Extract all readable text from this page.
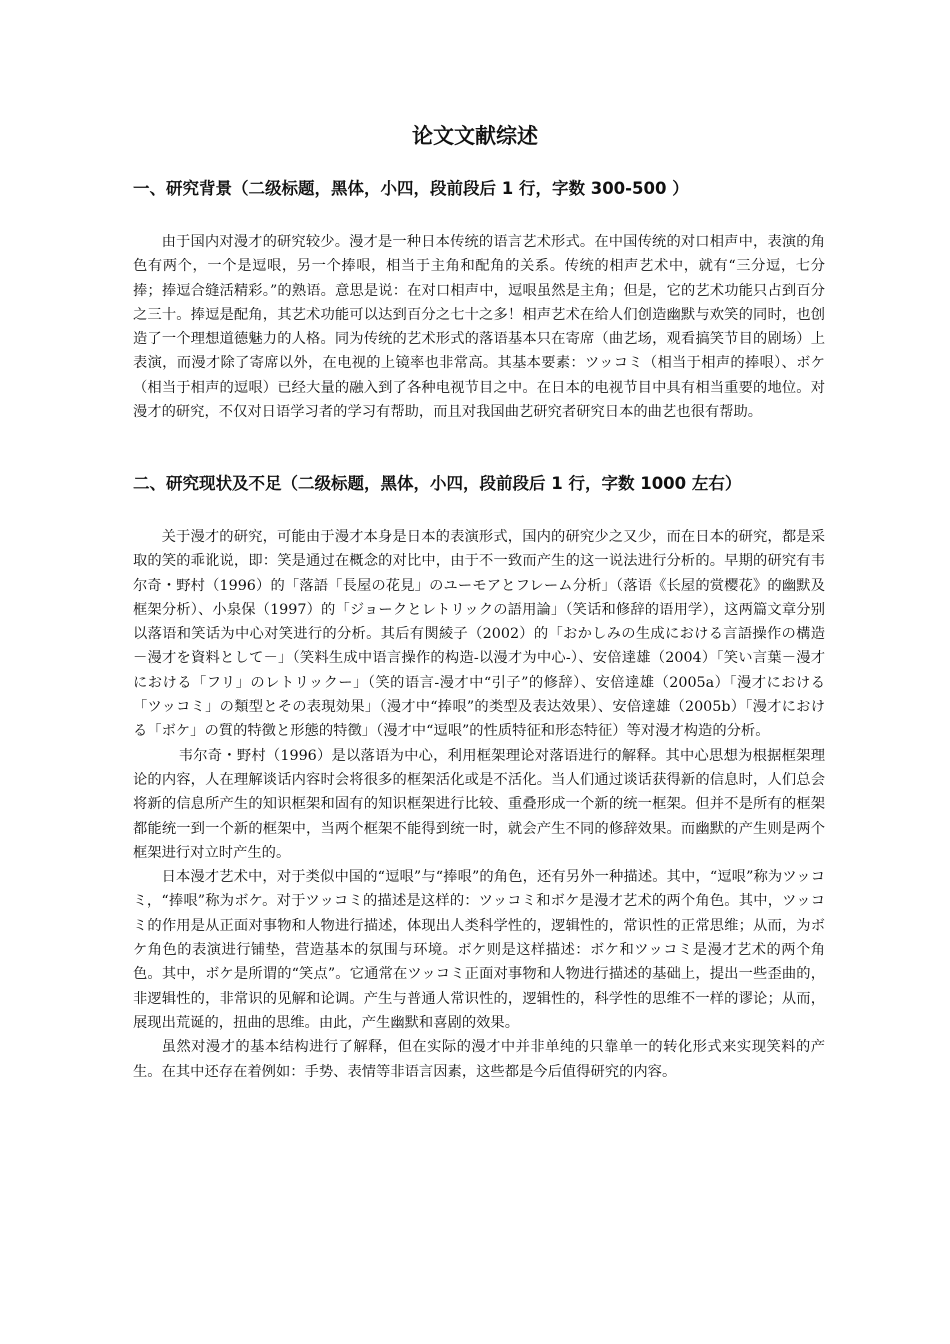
论文文献综述
一、研究背景（二级标题，黑体，小四，段前段后 1 行，字数 300-500 ）

由于国内对漫才的研究较少。漫才是一种日本传统的语言艺术形式。在中国传统的对口相声中，表演的角色有两个，一个是逗哏，另一个捧哏，相当于主角和配角的关系。传统的相声艺术中，就有“三分逗，七分捧；捧逗合缝活精彩。”的熟语。意思是说：在对口相声中，逗哏虽然是主角；但是，它的艺术功能只占到百分之三十。捧逗是配角，其艺术功能可以达到百分之七十之多！相声艺术在给人们创造幽默与欢笑的同时，也创造了一个理想道德魅力的人格。同为传统的艺术形式的落语基本只在寄席（曲艺场，观看搞笑节目的剧场）上表演，而漫才除了寄席以外，在电视的上镜率也非常高。其基本要素：ツッコミ（相当于相声的捧哏）、ボケ（相当于相声的逗哏）已经大量的融入到了各种电视节目之中。在日本的电视节目中具有相当重要的地位。对漫才的研究，不仅对日语学习者的学习有帮助，而且对我国曲艺研究者研究日本的曲艺也很有帮助。

二、研究现状及不足（二级标题，黑体，小四，段前段后 1 行，字数 1000 左右）

关于漫才的研究，可能由于漫才本身是日本的表演形式，国内的研究少之又少，而在日本的研究，都是采取的笑的乖讹说，即：笑是通过在概念的对比中，由于不一致而产生的这一说法进行分析的。早期的研究有韦尔奇・野村（1996）的「落語「長屋の花見」のユーモアとフレーム分析」（落语《长屋的赏樱花》的幽默及框架分析）、小泉保（1997）的「ジョークとレトリックの語用論」（笑话和修辞的语用学），这两篇文章分别以落语和笑话为中心对笑进行的分析。其后有関綾子（2002）的「おかしみの生成における言語操作の構造－漫才を資料として－」（笑料生成中语言操作的构造-以漫才为中心-）、安倍達雄（2004）「笑い言葉－漫才における「フリ」のレトリックー」（笑的语言-漫才中“引子”的修辞）、安倍達雄（2005a）「漫才における「ツッコミ」の類型とその表現効果」（漫才中“捧哏”的类型及表达效果）、安倍達雄（2005b）「漫才における「ボケ」の質的特徴と形態的特徴」（漫才中“逗哏”的性质特征和形态特征）等对漫才构造的分析。

韦尔奇・野村（1996）是以落语为中心，利用框架理论对落语进行的解释。其中心思想为根据框架理论的内容，人在理解谈话内容时会将很多的框架活化或是不活化。当人们通过谈话获得新的信息时，人们总会将新的信息所产生的知识框架和固有的知识框架进行比较、重叠形成一个新的统一框架。但并不是所有的框架都能统一到一个新的框架中，当两个框架不能得到统一时，就会产生不同的修辞效果。而幽默的产生则是两个框架进行对立时产生的。

日本漫才艺术中，对于类似中国的“逗哏”与“捧哏”的角色，还有另外一种描述。其中，“逗哏”称为ツッコミ，“捧哏”称为ボケ。对于ツッコミ的描述是这样的：ツッコミ和ボケ是漫才艺术的两个角色。其中，ツッコミ的作用是从正面对事物和人物进行描述，体现出人类科学性的，逻辑性的，常识性的正常思维；从而，为ボケ角色的表演进行铺垫，营造基本的氛围与环境。ボケ则是这样描述：ボケ和ツッコミ是漫才艺术的两个角色。其中，ボケ是所谓的“笑点”。它通常在ツッコミ正面对事物和人物进行描述的基础上，提出一些歪曲的，非逻辑性的，非常识的见解和论调。产生与普通人常识性的，逻辑性的，科学性的思维不一样的谬论；从而，展现出荒诞的，扭曲的思维。由此，产生幽默和喜剧的效果。

虽然对漫才的基本结构进行了解释，但在实际的漫才中并非单纯的只靠单一的转化形式来实现笑料的产生。在其中还存在着例如：手势、表情等非语言因素，这些都是今后值得研究的内容。
